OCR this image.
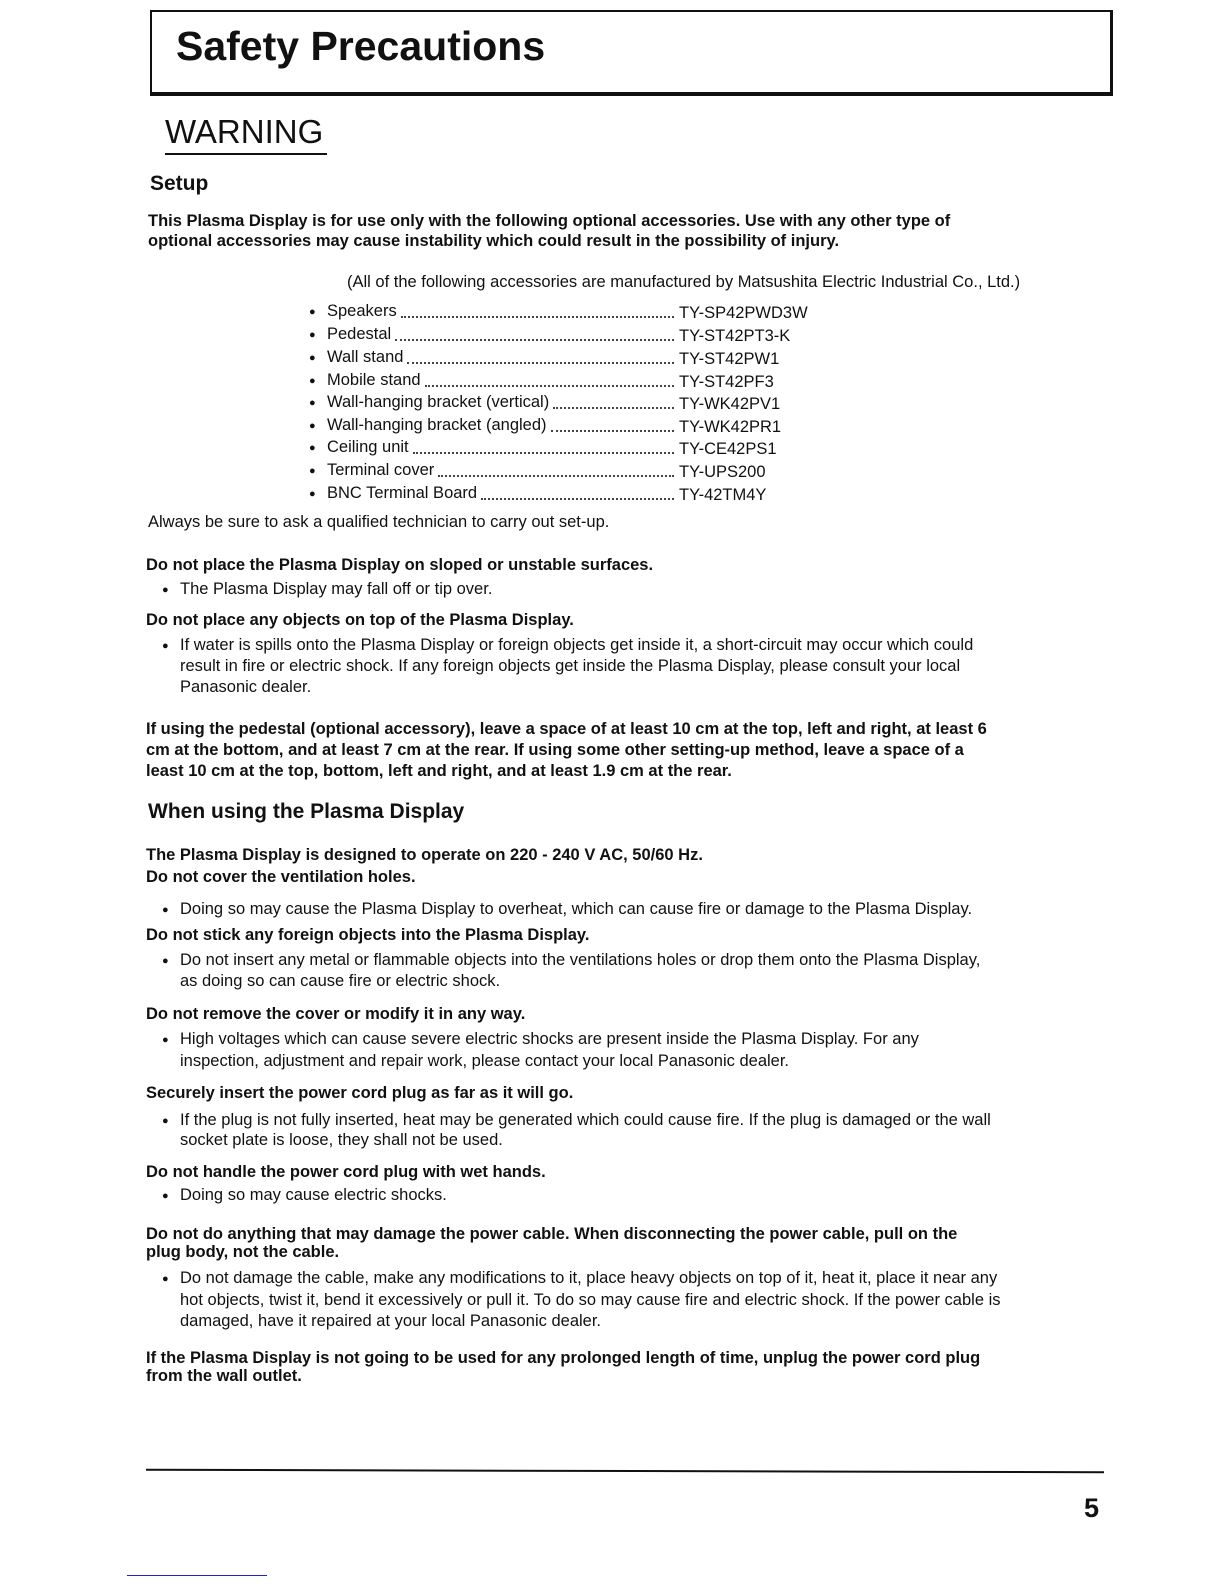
Safety Precautions
WARNING
Setup
This Plasma Display is for use only with the following optional accessories. Use with any other type of
optional accessories may cause instability which could result in the possibility of injury.
(All of the following accessories are manufactured by Matsushita Electric Industrial Co., Ltd.)
Always be sure to ask a qualified technician to carry out set-up.
When using the Plasma Display
5
● Speakers	TY-SP42PWD3W
● Pedestal	TY-ST42PT3-K
● Wall stand	TY-ST42PW1
● Mobile stand	TY-ST42PF3
● Wall-hanging bracket (vertical)	TY-WK42PV1
● Wall-hanging bracket (angled)	TY-WK42PR1
● Ceiling unit	TY-CE42PS1
● Terminal cover	TY-UPS200
● BNC Terminal Board	TY-42TM4Y
Do not place the Plasma Display on sloped or unstable surfaces.
● The Plasma Display may fall off or tip over.
Do not place any objects on top of the Plasma Display.
● If water is spills onto the Plasma Display or foreign objects get inside it, a short-circuit may occur which could
result in fire or electric shock. If any foreign objects get inside the Plasma Display, please consult your local
Panasonic dealer.
If using the pedestal (optional accessory), leave a space of at least 10 cm at the top, left and right, at least 6
cm at the bottom, and at least 7 cm at the rear. If using some other setting-up method, leave a space of a
least 10 cm at the top, bottom, left and right, and at least 1.9 cm at the rear.
The Plasma Display is designed to operate on 220 - 240 V AC, 50/60 Hz.
Do not cover the ventilation holes.
● Doing so may cause the Plasma Display to overheat, which can cause fire or damage to the Plasma Display.
Do not stick any foreign objects into the Plasma Display.
● Do not insert any metal or flammable objects into the ventilations holes or drop them onto the Plasma Display,
as doing so can cause fire or electric shock.
Do not remove the cover or modify it in any way.
● High voltages which can cause severe electric shocks are present inside the Plasma Display. For any
inspection, adjustment and repair work, please contact your local Panasonic dealer.
Securely insert the power cord plug as far as it will go.
● If the plug is not fully inserted, heat may be generated which could cause fire. If the plug is damaged or the wall
socket plate is loose, they shall not be used.
Do not handle the power cord plug with wet hands.
● Doing so may cause electric shocks.
Do not do anything that may damage the power cable. When disconnecting the power cable, pull on the
plug body, not the cable.
● Do not damage the cable, make any modifications to it, place heavy objects on top of it, heat it, place it near any
hot objects, twist it, bend it excessively or pull it. To do so may cause fire and electric shock. If the power cable is
damaged, have it repaired at your local Panasonic dealer.
If the Plasma Display is not going to be used for any prolonged length of time, unplug the power cord plug
from the wall outlet.
